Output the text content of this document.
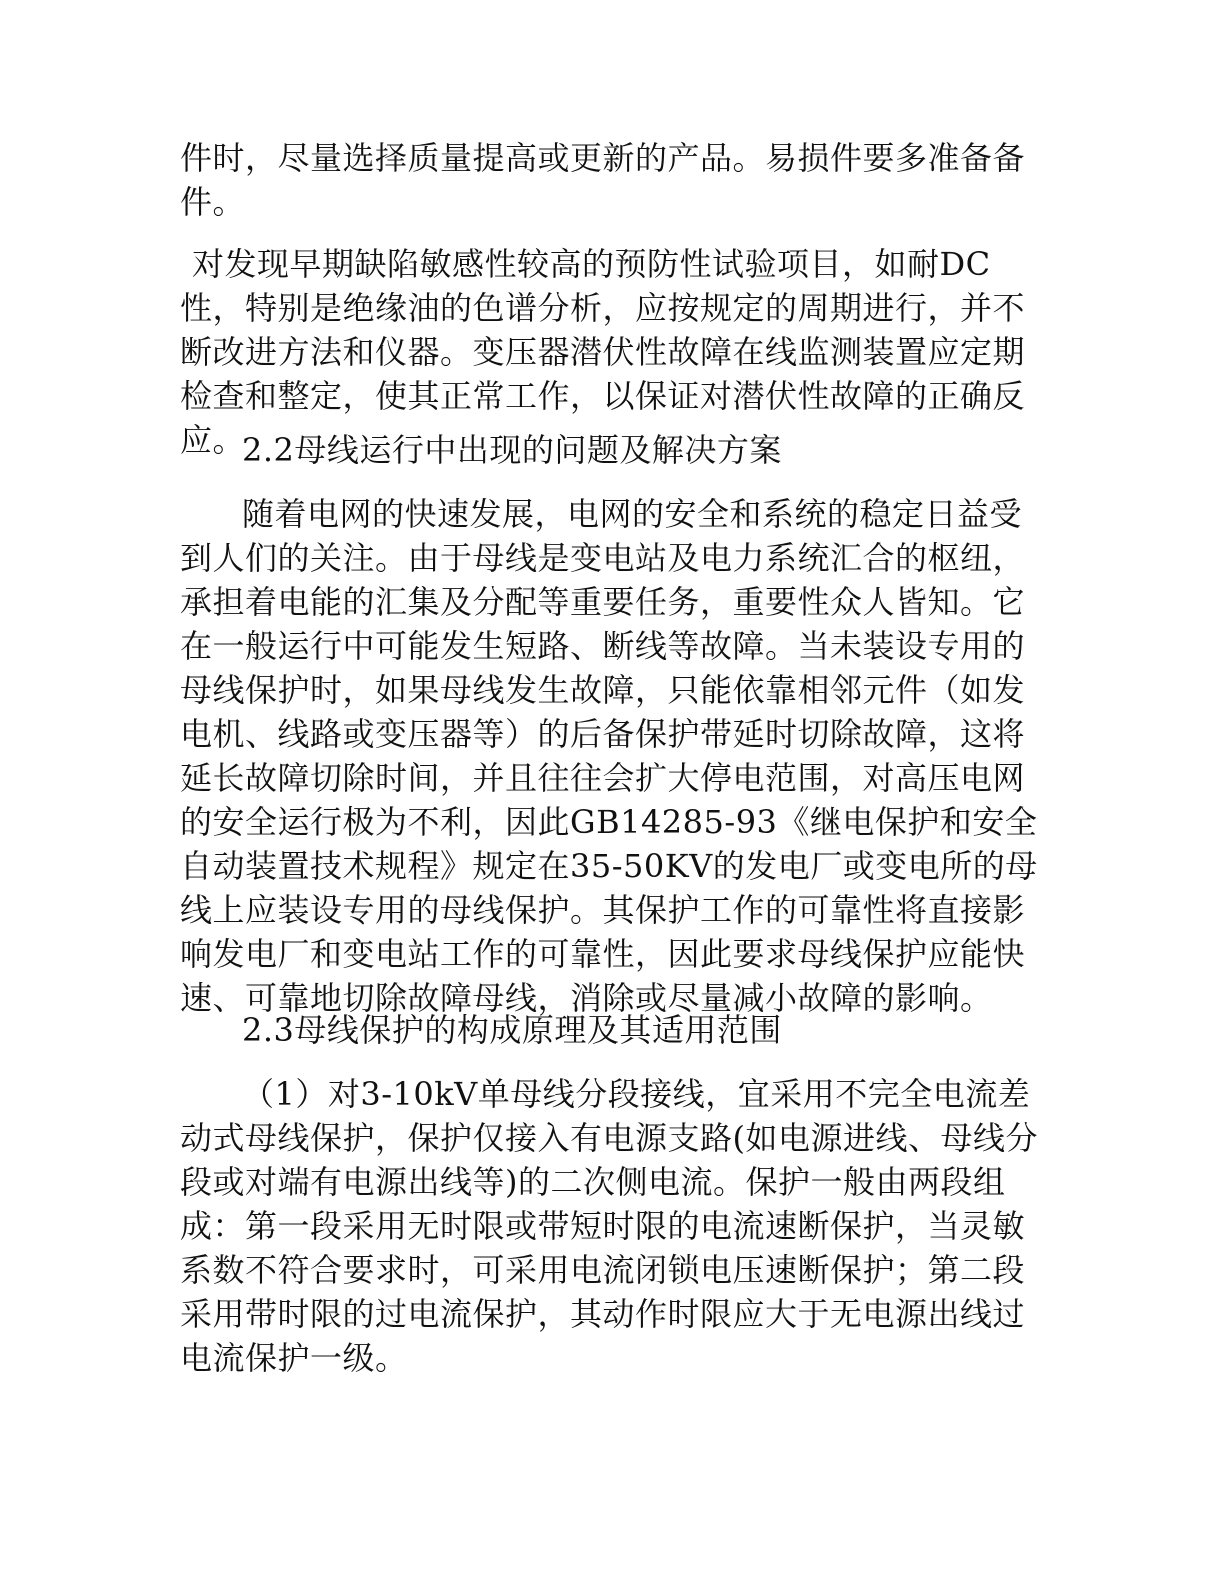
件时，尽量选择质量提高或更新的产品。易损件要多准备备件。

对发现早期缺陷敏感性较高的预防性试验项目，如耐DC性，特别是绝缘油的色谱分析，应按规定的周期进行，并不断改进方法和仪器。变压器潜伏性故障在线监测装置应定期检查和整定，使其正常工作，以保证对潜伏性故障的正确反应。

2.2母线运行中出现的问题及解决方案

随着电网的快速发展，电网的安全和系统的稳定日益受到人们的关注。由于母线是变电站及电力系统汇合的枢纽，承担着电能的汇集及分配等重要任务，重要性众人皆知。它在一般运行中可能发生短路、断线等故障。当未装设专用的母线保护时，如果母线发生故障，只能依靠相邻元件（如发电机、线路或变压器等）的后备保护带延时切除故障，这将延长故障切除时间，并且往往会扩大停电范围，对高压电网的安全运行极为不利，因此GB14285-93《继电保护和安全自动装置技术规程》规定在35-50KV的发电厂或变电所的母线上应装设专用的母线保护。其保护工作的可靠性将直接影响发电厂和变电站工作的可靠性，因此要求母线保护应能快速、可靠地切除故障母线，消除或尽量减小故障的影响。

2.3母线保护的构成原理及其适用范围

（1）对3-10kV单母线分段接线，宜采用不完全电流差动式母线保护，保护仅接入有电源支路(如电源进线、母线分段或对端有电源出线等)的二次侧电流。保护一般由两段组成：第一段采用无时限或带短时限的电流速断保护，当灵敏系数不符合要求时，可采用电流闭锁电压速断保护；第二段采用带时限的过电流保护，其动作时限应大于无电源出线过电流保护一级。
